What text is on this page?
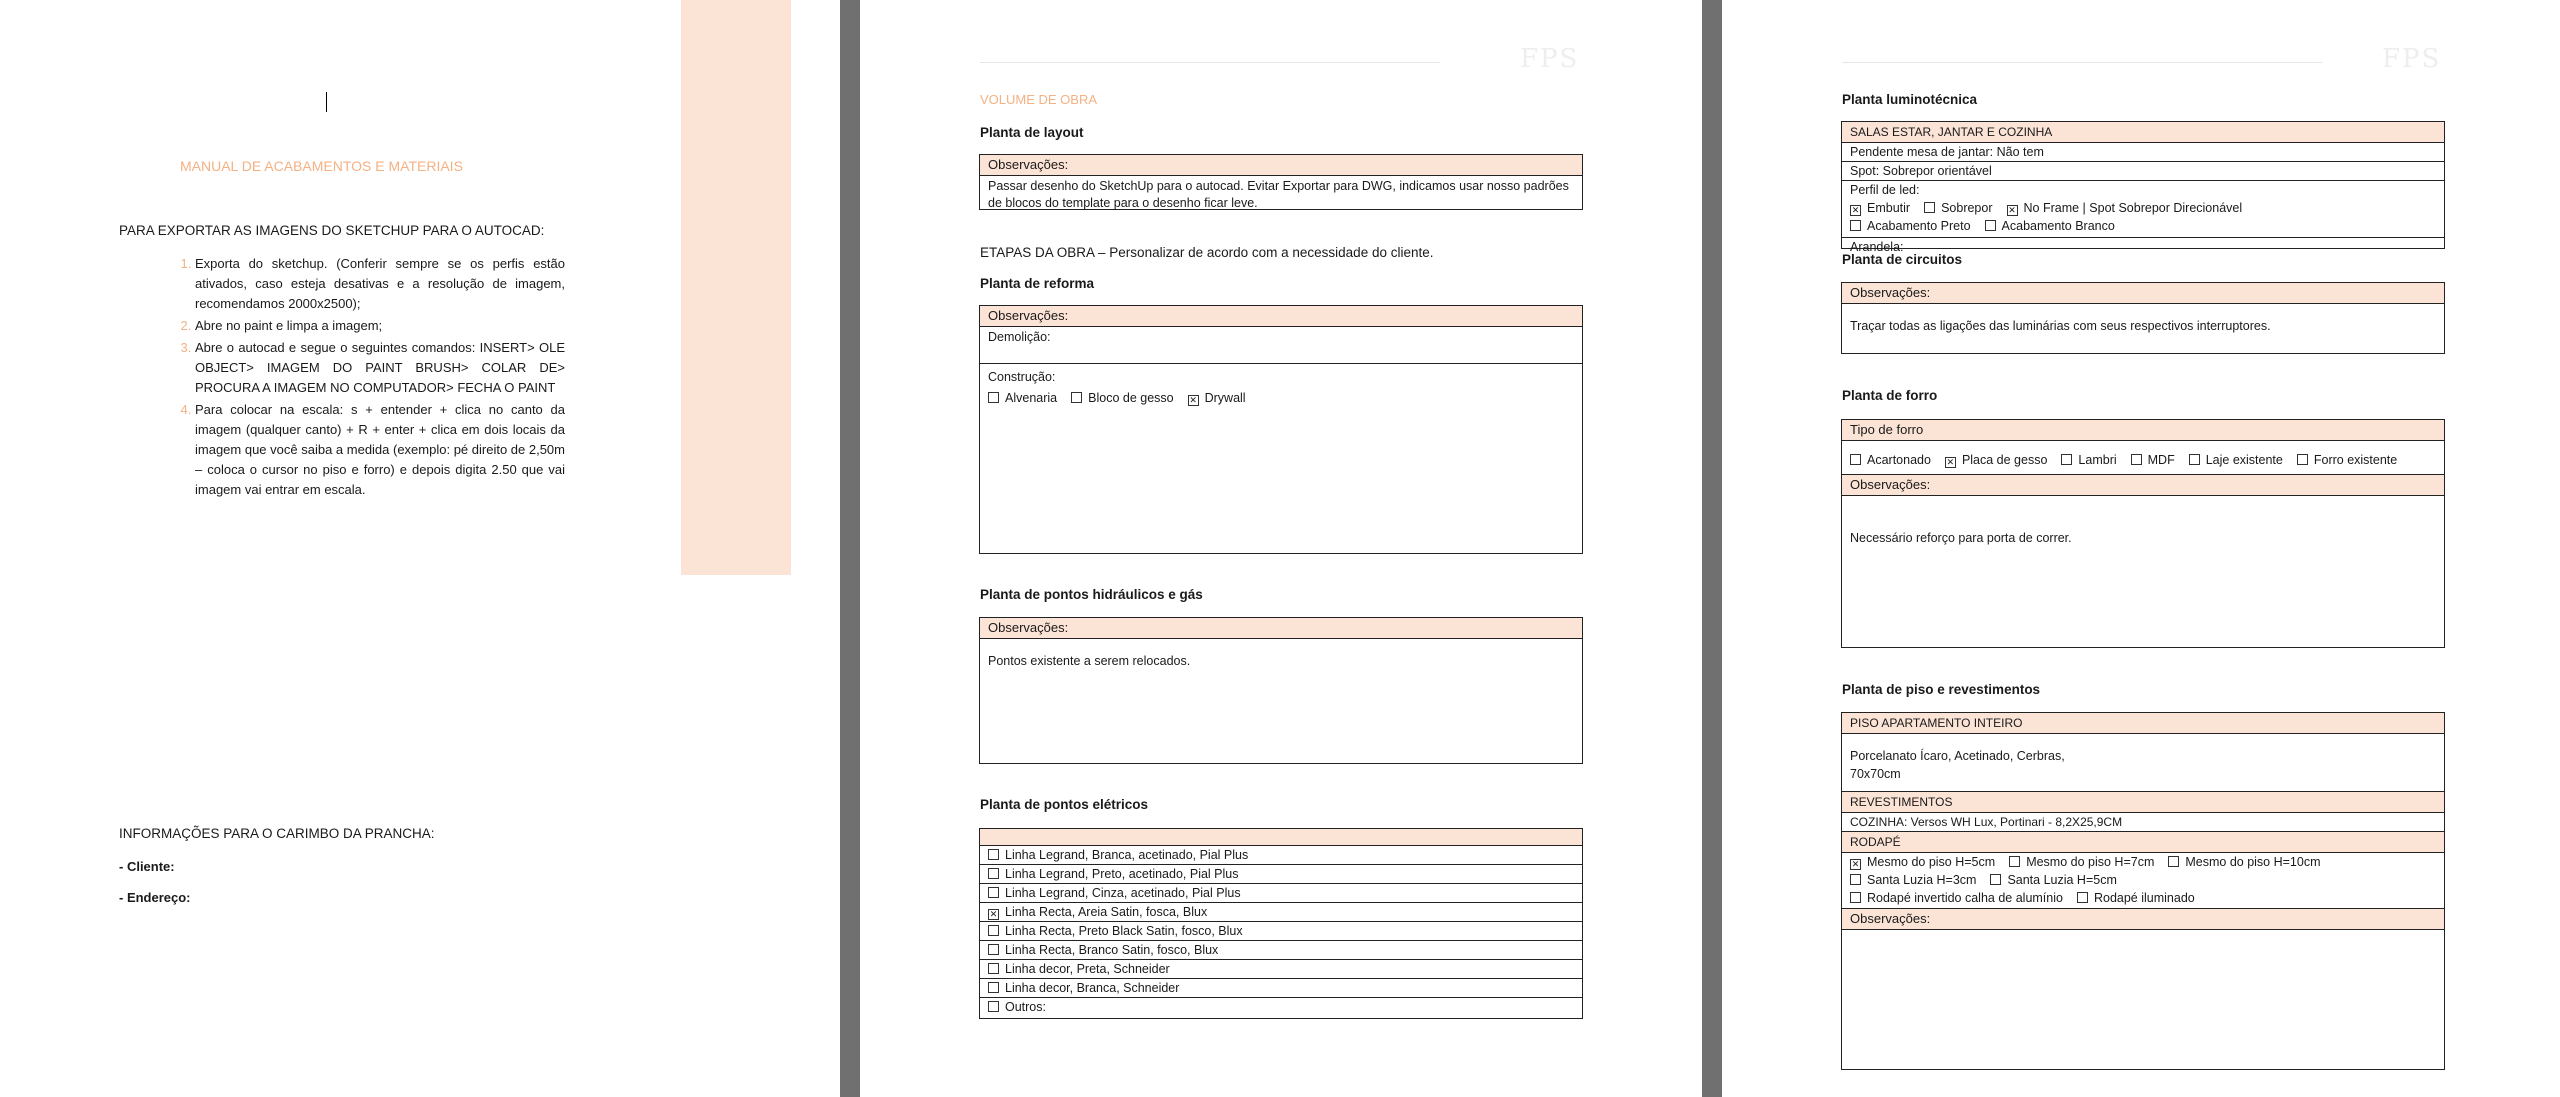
MANUAL DE ACABAMENTOS E MATERIAIS
PARA EXPORTAR AS IMAGENS DO SKETCHUP PARA O AUTOCAD:
1. Exporta do sketchup. (Conferir sempre se os perfis estão ativados, caso esteja desativas e a resolução de imagem, recomendamos 2000x2500);
2. Abre no paint e limpa a imagem;
3. Abre o autocad e segue o seguintes comandos: INSERT> OLE OBJECT> IMAGEM DO PAINT BRUSH> COLAR DE> PROCURA A IMAGEM NO COMPUTADOR> FECHA O PAINT
4. Para colocar na escala: s + entender + clica no canto da imagem (qualquer canto) + R + enter + clica em dois locais da imagem que você saiba a medida (exemplo: pé direito de 2,50m – coloca o cursor no piso e forro) e depois digita 2.50 que vai imagem vai entrar em escala.
INFORMAÇÕES PARA O CARIMBO DA PRANCHA:
- Cliente:
- Endereço:
FPS
VOLUME DE OBRA
Planta de layout
Observações:
Passar desenho do SketchUp para o autocad. Evitar Exportar para DWG, indicamos usar nosso padrões de blocos do template para o desenho ficar leve.
ETAPAS DA OBRA – Personalizar de acordo com a necessidade do cliente.
Planta de reforma
Observações:
Demolição:
Construção:
Alvenaria Bloco de gesso ✕ Drywall
Planta de pontos hidráulicos e gás
Observações:
Pontos existente a serem relocados.
Planta de pontos elétricos
Linha Legrand, Branca, acetinado, Pial Plus
Linha Legrand, Preto, acetinado, Pial Plus
Linha Legrand, Cinza, acetinado, Pial Plus
✕Linha Recta, Areia Satin, fosca, Blux
Linha Recta, Preto Black Satin, fosco, Blux
Linha Recta, Branco Satin, fosco, Blux
Linha decor, Preta, Schneider
Linha decor, Branca, Schneider
Outros:
FPS
Planta luminotécnica
SALAS ESTAR, JANTAR E COZINHA
Pendente mesa de jantar: Não tem
Spot: Sobrepor orientável
Perfil de led:
✕Embutir Sobrepor ✕ No Frame | Spot Sobrepor Direcionável
Acabamento Preto Acabamento Branco
Arandela:
Planta de circuitos
Observações:
Traçar todas as ligações das luminárias com seus respectivos interruptores.
Planta de forro
Tipo de forro
Acartonado ✕ Placa de gesso Lambri MDF Laje existente Forro existente
Observações:
Necessário reforço para porta de correr.
Planta de piso e revestimentos
PISO APARTAMENTO INTEIRO
Porcelanato Ícaro, Acetinado, Cerbras,
70x70cm
REVESTIMENTOS
COZINHA: Versos WH Lux, Portinari - 8,2X25,9CM
RODAPÉ
✕Mesmo do piso H=5cm Mesmo do piso H=7cm Mesmo do piso H=10cm
Santa Luzia H=3cm Santa Luzia H=5cm
Rodapé invertido calha de alumínio Rodapé iluminado
Observações:
